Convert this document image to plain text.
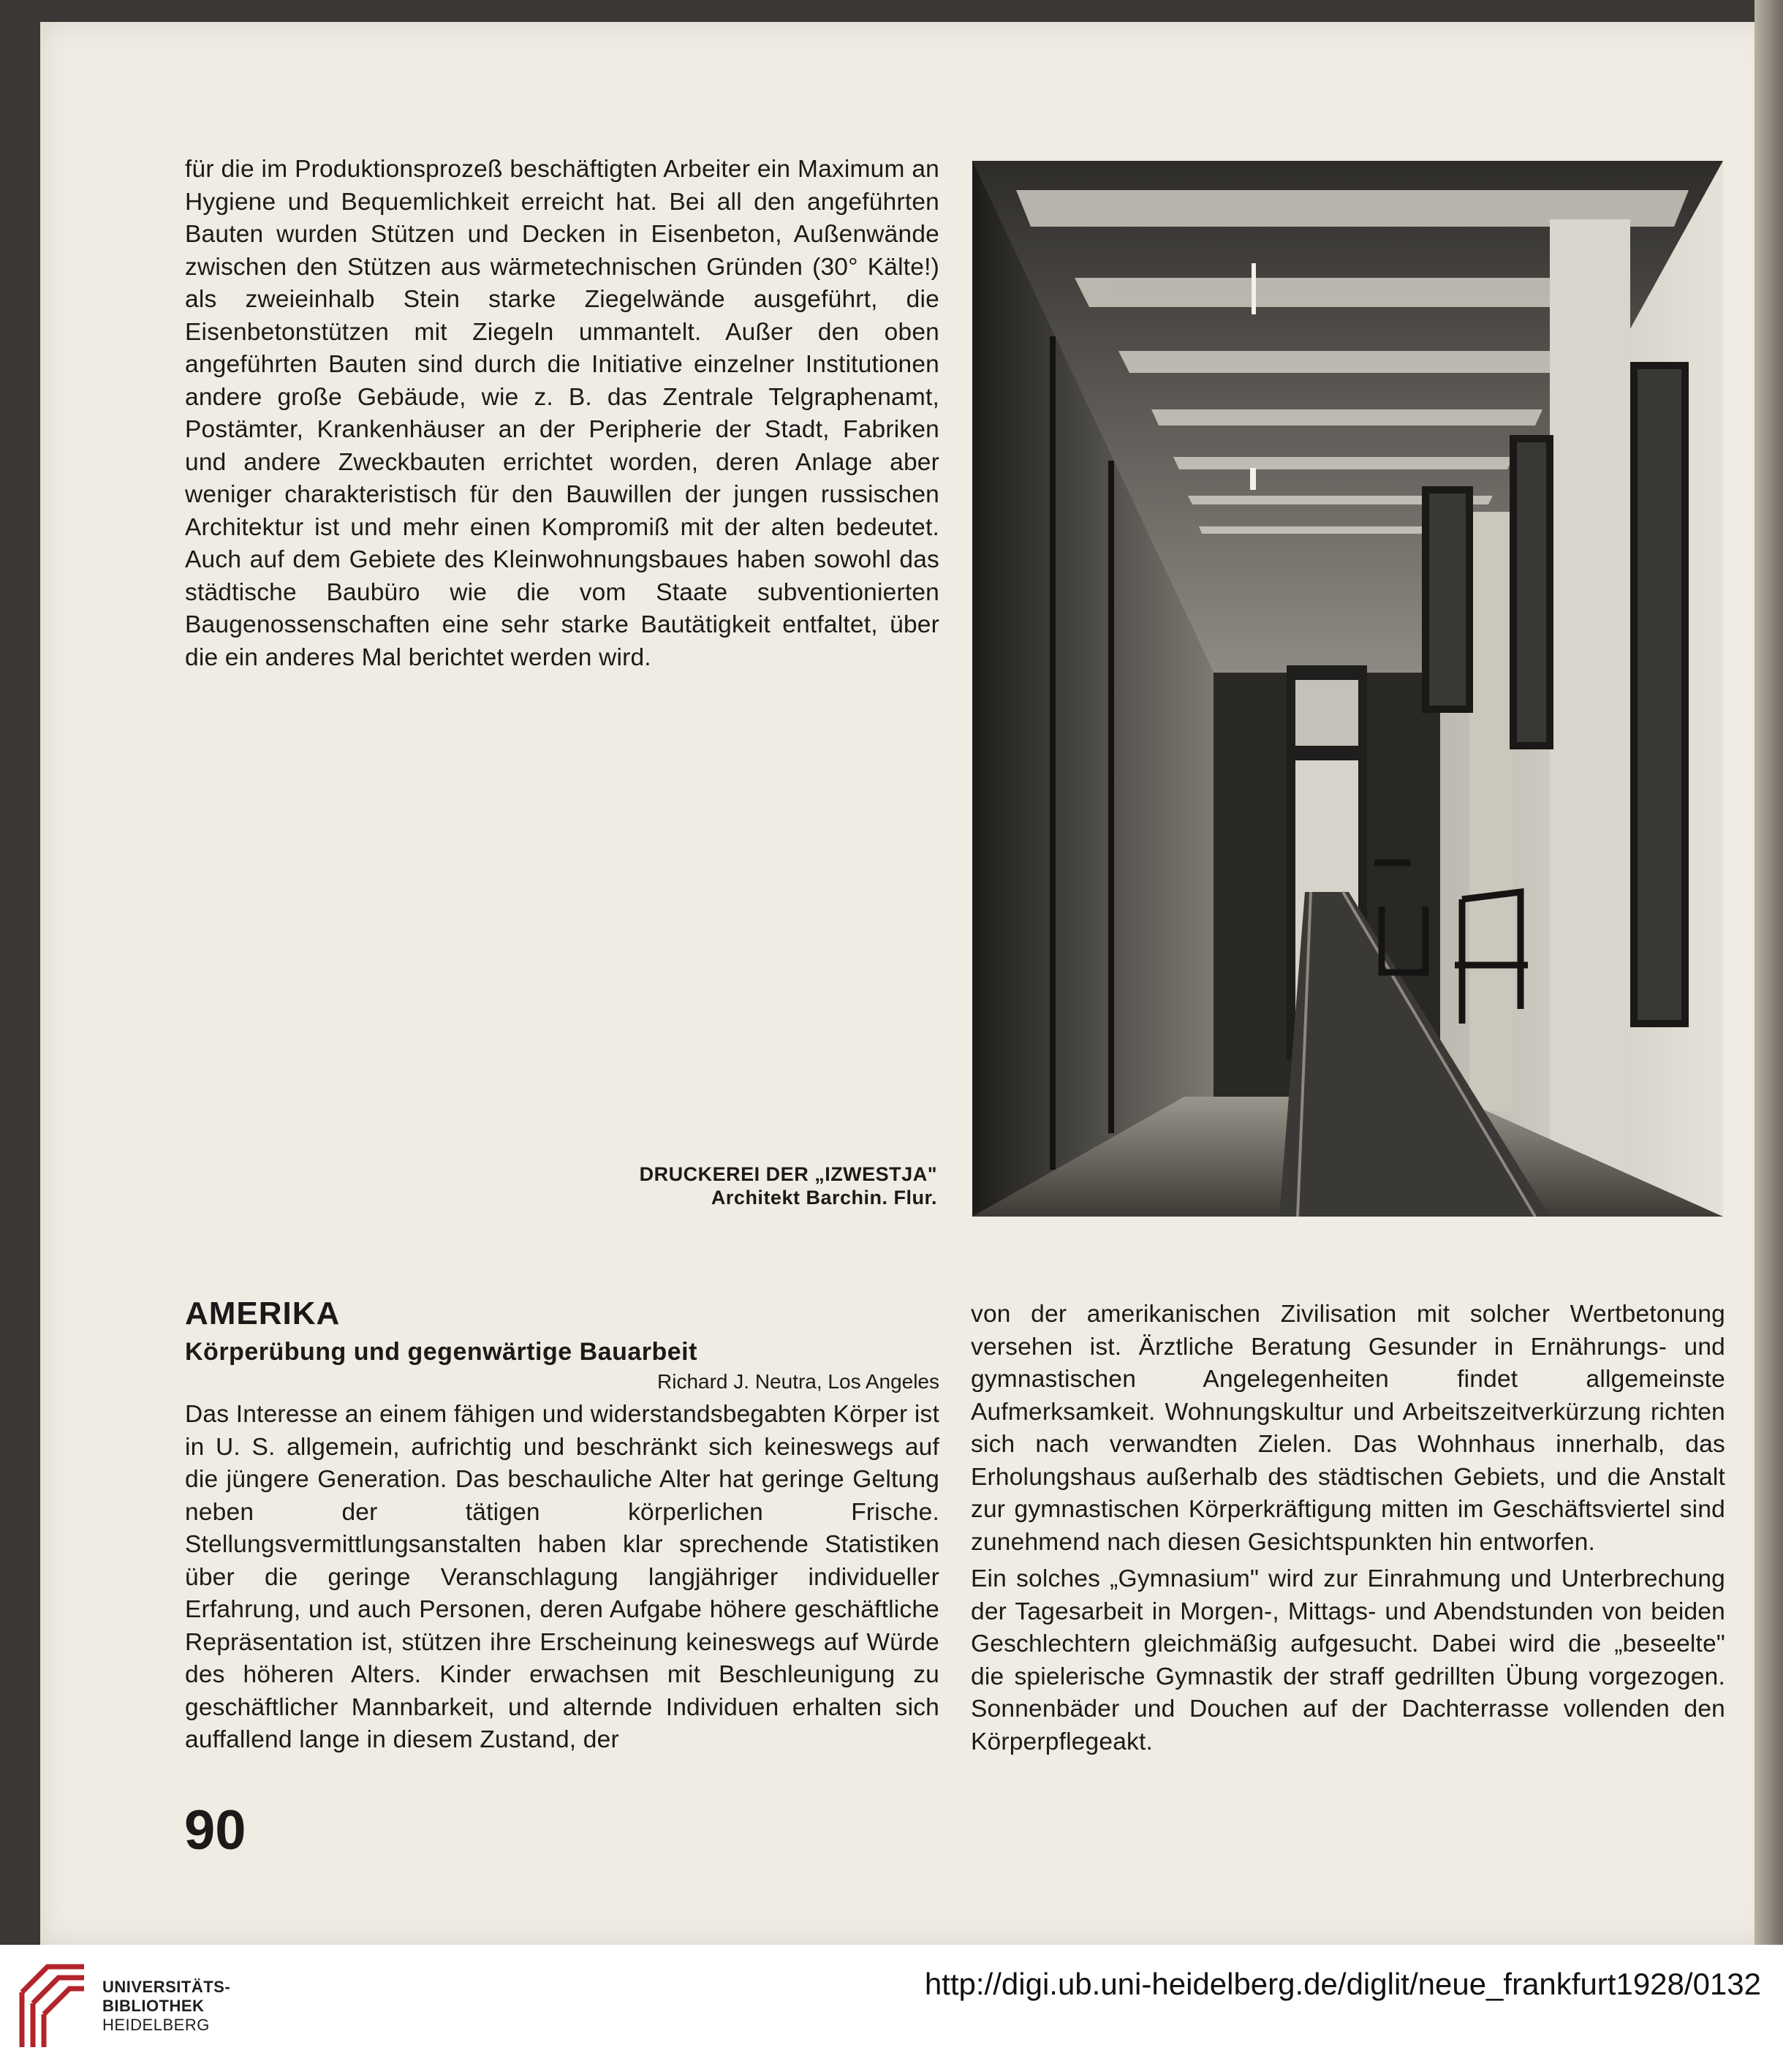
für die im Produktionsprozeß beschäftigten Arbeiter ein Maximum an Hygiene und Bequemlichkeit erreicht hat. Bei all den angeführten Bauten wurden Stützen und Decken in Eisenbeton, Außenwände zwischen den Stützen aus wärmetechnischen Gründen (30° Kälte!) als zweieinhalb Stein starke Ziegelwände ausgeführt, die Eisenbetonstützen mit Ziegeln ummantelt. Außer den oben angeführten Bauten sind durch die Initiative einzelner Institutionen andere große Gebäude, wie z. B. das Zentrale Telgraphenamt, Postämter, Krankenhäuser an der Peripherie der Stadt, Fabriken und andere Zweckbauten errichtet worden, deren Anlage aber weniger charakteristisch für den Bauwillen der jungen russischen Architektur ist und mehr einen Kompromiß mit der alten bedeutet. Auch auf dem Gebiete des Kleinwohnungsbaues haben sowohl das städtische Baubüro wie die vom Staate subventionierten Baugenossenschaften eine sehr starke Bautätigkeit entfaltet, über die ein anderes Mal berichtet werden wird.

DRUCKEREI DER „IZWESTJA"
Architekt Barchin. Flur.
AMERIKA
Körperübung und gegenwärtige Bauarbeit
Richard J. Neutra, Los Angeles

Das Interesse an einem fähigen und widerstandsbegabten Körper ist in U. S. allgemein, aufrichtig und beschränkt sich keineswegs auf die jüngere Generation. Das beschauliche Alter hat geringe Geltung neben der tätigen körperlichen Frische. Stellungsvermittlungsanstalten haben klar sprechende Statistiken über die geringe Veranschlagung langjähriger individueller Erfahrung, und auch Personen, deren Aufgabe höhere geschäftliche Repräsentation ist, stützen ihre Erscheinung keineswegs auf Würde des höheren Alters. Kinder erwachsen mit Beschleunigung zu geschäftlicher Mannbarkeit, und alternde Individuen erhalten sich auffallend lange in diesem Zustand, der

von der amerikanischen Zivilisation mit solcher Wertbetonung versehen ist. Ärztliche Beratung Gesunder in Ernährungs- und gymnastischen Angelegenheiten findet allgemeinste Aufmerksamkeit. Wohnungskultur und Arbeitszeitverkürzung richten sich nach verwandten Zielen. Das Wohnhaus innerhalb, das Erholungshaus außerhalb des städtischen Gebiets, und die Anstalt zur gymnastischen Körperkräftigung mitten im Geschäftsviertel sind zunehmend nach diesen Gesichtspunkten hin entworfen.

Ein solches „Gymnasium" wird zur Einrahmung und Unterbrechung der Tagesarbeit in Morgen-, Mittags- und Abendstunden von beiden Geschlechtern gleichmäßig aufgesucht. Dabei wird die „beseelte" die spielerische Gymnastik der straff gedrillten Übung vorgezogen. Sonnenbäder und Douchen auf der Dachterrasse vollenden den Körperpflegeakt.

90
UNIVERSITÄTS-
BIBLIOTHEK
HEIDELBERG
http://digi.ub.uni-heidelberg.de/diglit/neue_frankfurt1928/0132
